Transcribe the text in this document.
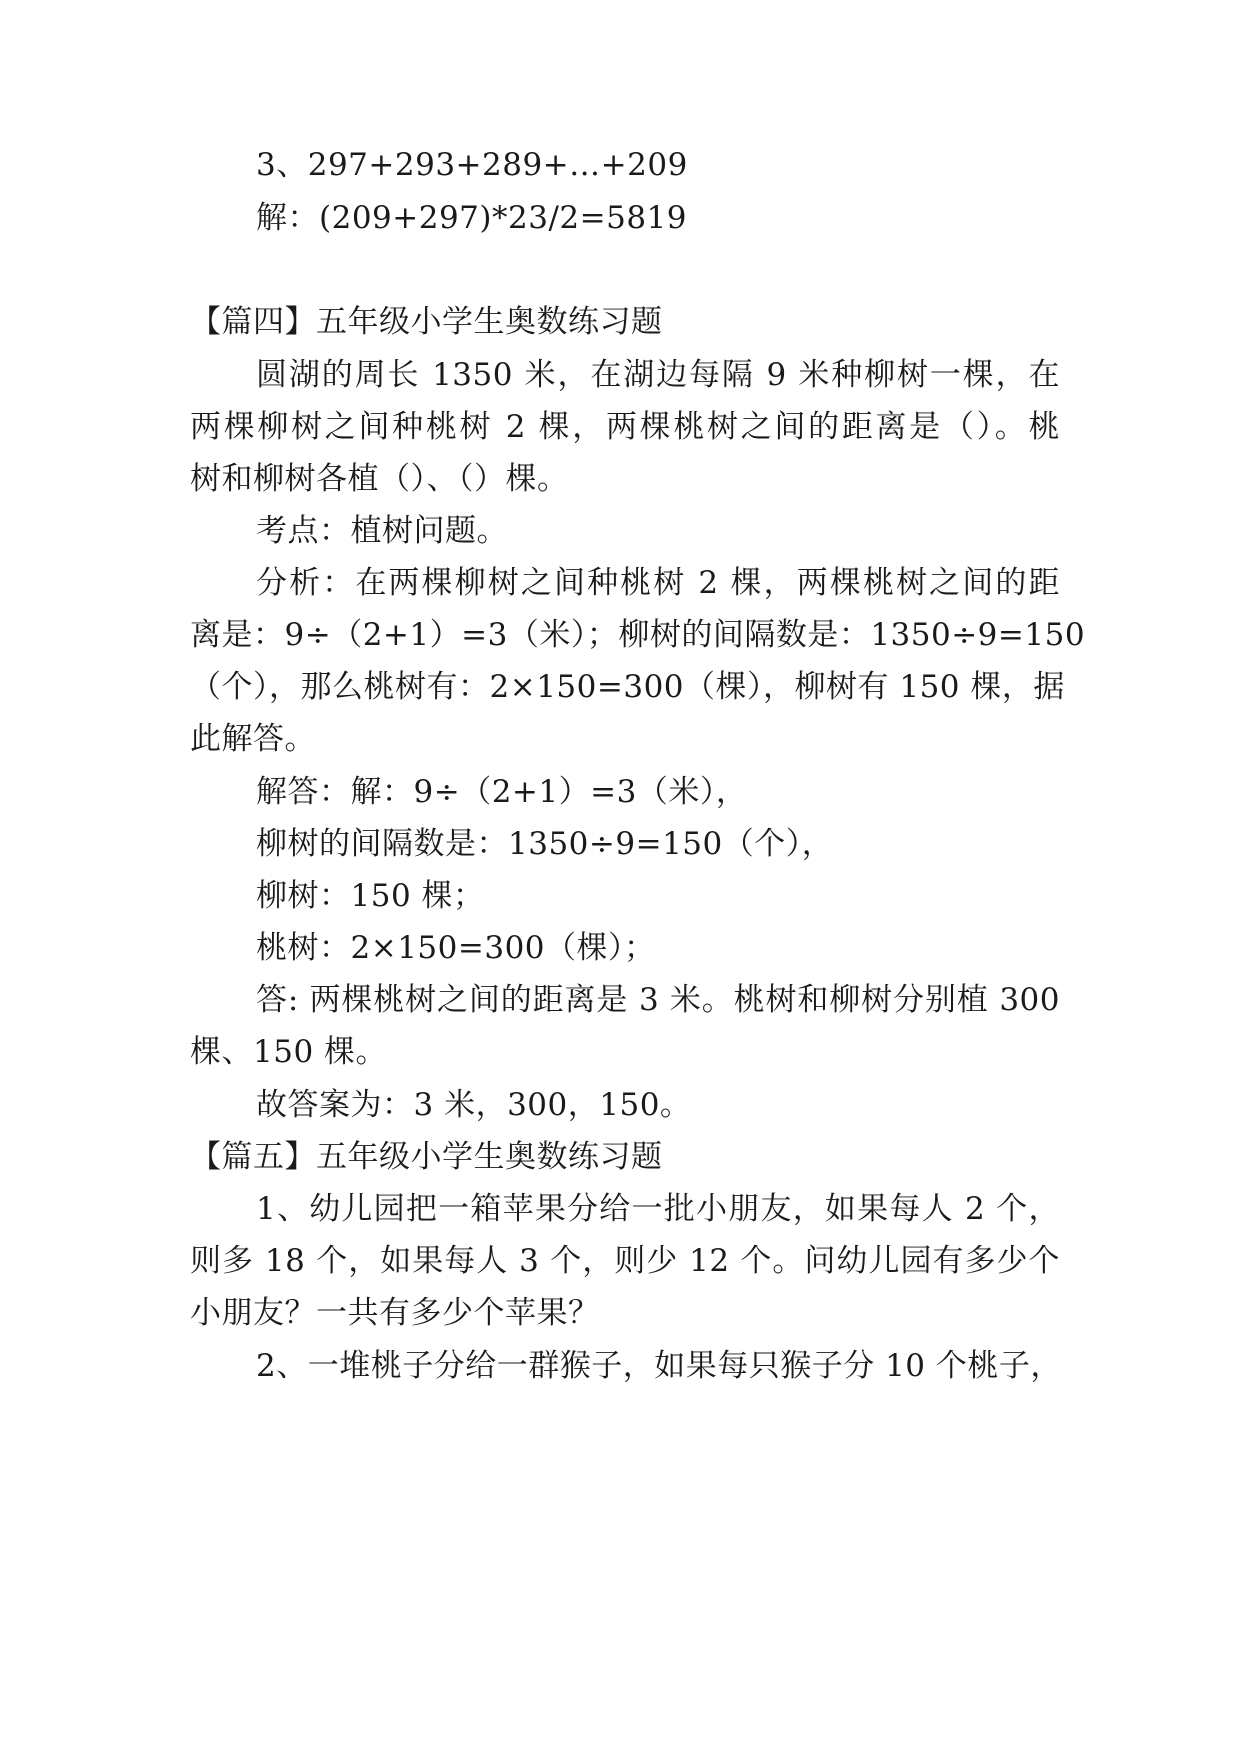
3、297+293+289+…+209
解：(209+297)*23/2=5819
【篇四】五年级小学生奥数练习题
圆湖的周长 1350 米，在湖边每隔 9 米种柳树一棵，在
两棵柳树之间种桃树 2 棵，两棵桃树之间的距离是（）。桃
树和柳树各植（）、（）棵。
考点：植树问题。
分析：在两棵柳树之间种桃树 2 棵，两棵桃树之间的距
离是：9÷（2+1）=3（米）；柳树的间隔数是：1350÷9=150
（个），那么桃树有：2×150=300（棵），柳树有 150 棵，据
此解答。
解答：解：9÷（2+1）=3（米），
柳树的间隔数是：1350÷9=150（个），
柳树：150 棵；
桃树：2×150=300（棵）；
答: 两棵桃树之间的距离是 3 米。桃树和柳树分别植 300
棵、150 棵。
故答案为：3 米，300，150。
【篇五】五年级小学生奥数练习题
1、幼儿园把一箱苹果分给一批小朋友，如果每人 2 个，
则多 18 个，如果每人 3 个，则少 12 个。问幼儿园有多少个
小朋友？一共有多少个苹果？
2、一堆桃子分给一群猴子，如果每只猴子分 10 个桃子，
